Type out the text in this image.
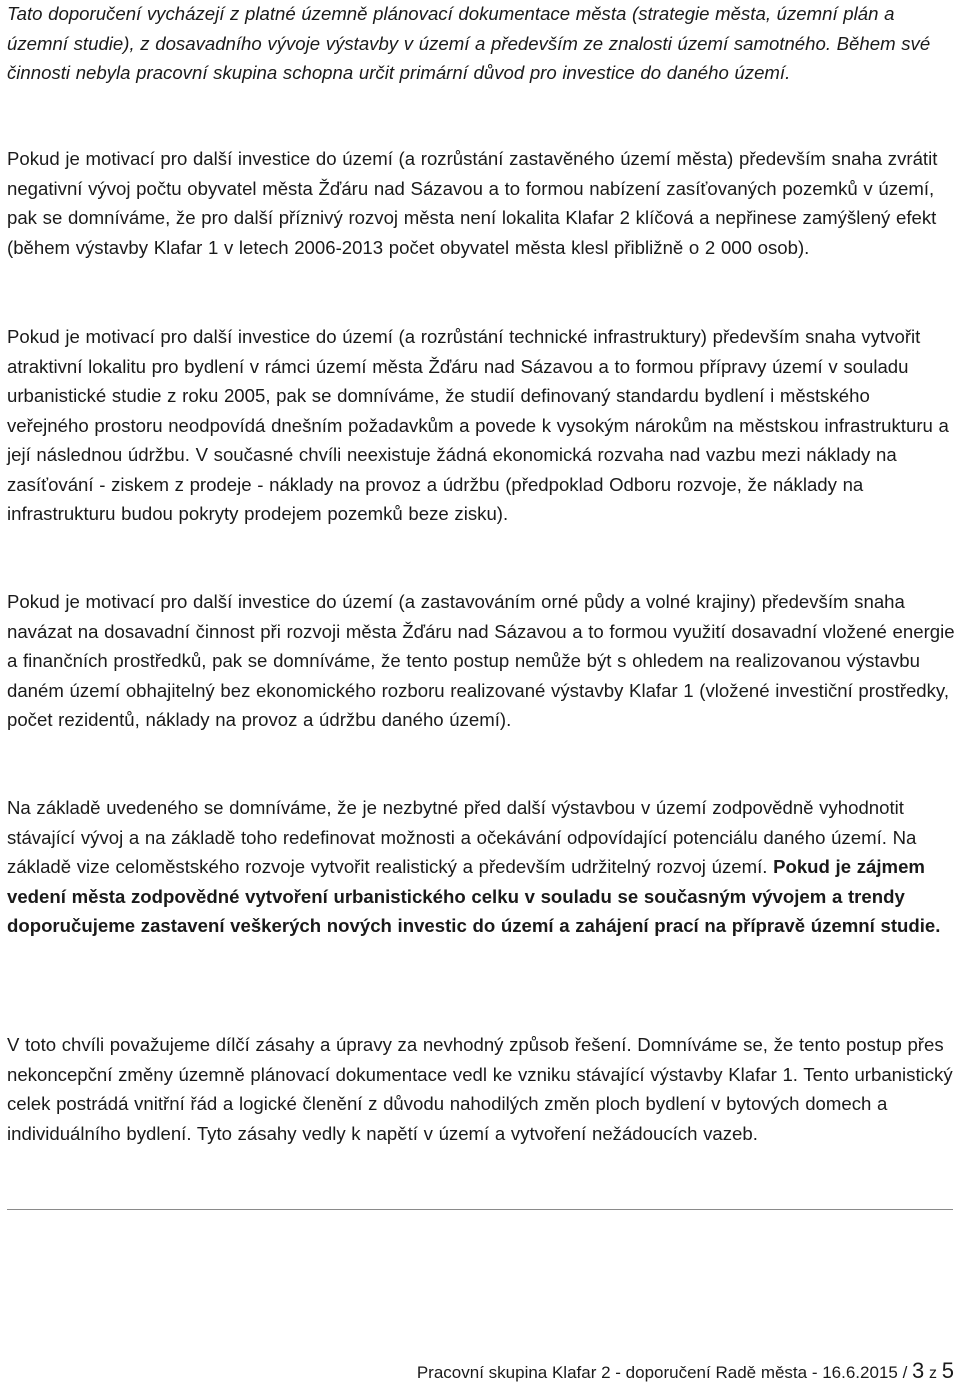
Tato doporučení vycházejí z platné územně plánovací dokumentace města (strategie města, územní plán a územní studie), z dosavadního vývoje výstavby v území a především ze znalosti území samotného. Během své činnosti nebyla pracovní skupina schopna určit primární důvod pro investice do daného území.

Pokud je motivací pro další investice do území (a rozrůstání zastavěného území města) především snaha zvrátit negativní vývoj počtu obyvatel města Žďáru nad Sázavou a to formou nabízení zasíťovaných pozemků v území, pak se domníváme, že pro další příznivý rozvoj města není lokalita Klafar 2 klíčová a nepřinese zamýšlený efekt (během výstavby Klafar 1 v letech 2006-2013 počet obyvatel města klesl přibližně o 2 000 osob).

Pokud je motivací pro další investice do území (a rozrůstání technické infrastruktury) především snaha vytvořit atraktivní lokalitu pro bydlení v rámci území města Žďáru nad Sázavou a to formou přípravy území v souladu urbanistické studie z roku 2005, pak se domníváme, že studií definovaný standardu bydlení i městského veřejného prostoru neodpovídá dnešním požadavkům a povede k vysokým nárokům na městskou infrastrukturu a její následnou údržbu. V současné chvíli neexistuje žádná ekonomická rozvaha nad vazbu mezi náklady na zasíťování - ziskem z prodeje - náklady na provoz a údržbu (předpoklad Odboru rozvoje, že náklady na infrastrukturu budou pokryty prodejem pozemků beze zisku).

Pokud je motivací pro další investice do území (a zastavováním orné půdy a volné krajiny) především snaha navázat na dosavadní činnost při rozvoji města Žďáru nad Sázavou a to formou využití dosavadní vložené energie a finančních prostředků, pak se domníváme, že tento postup nemůže být s ohledem na realizovanou výstavbu daném území obhajitelný bez ekonomického rozboru realizované výstavby Klafar 1 (vložené investiční prostředky, počet rezidentů, náklady na provoz a údržbu daného území).

Na základě uvedeného se domníváme, že je nezbytné před další výstavbou v území zodpovědně vyhodnotit stávající vývoj a na základě toho redefinovat možnosti a očekávání odpovídající potenciálu daného území. Na základě vize celoměstského rozvoje vytvořit realistický a především udržitelný rozvoj území. Pokud je zájmem vedení města zodpovědné vytvoření urbanistického celku v souladu se současným vývojem a trendy doporučujeme zastavení veškerých nových investic do území a zahájení prací na přípravě územní studie.

V toto chvíli považujeme dílčí zásahy a úpravy za nevhodný způsob řešení. Domníváme se, že tento postup přes nekoncepční změny územně plánovací dokumentace vedl ke vzniku stávající výstavby Klafar 1. Tento urbanistický celek postrádá vnitřní řád a logické členění z důvodu nahodilých změn ploch bydlení v bytových domech a individuálního bydlení. Tyto zásahy vedly k napětí v území a vytvoření nežádoucích vazeb.

Pracovní skupina Klafar 2 - doporučení Radě města - 16.6.2015 / 3 z 5
